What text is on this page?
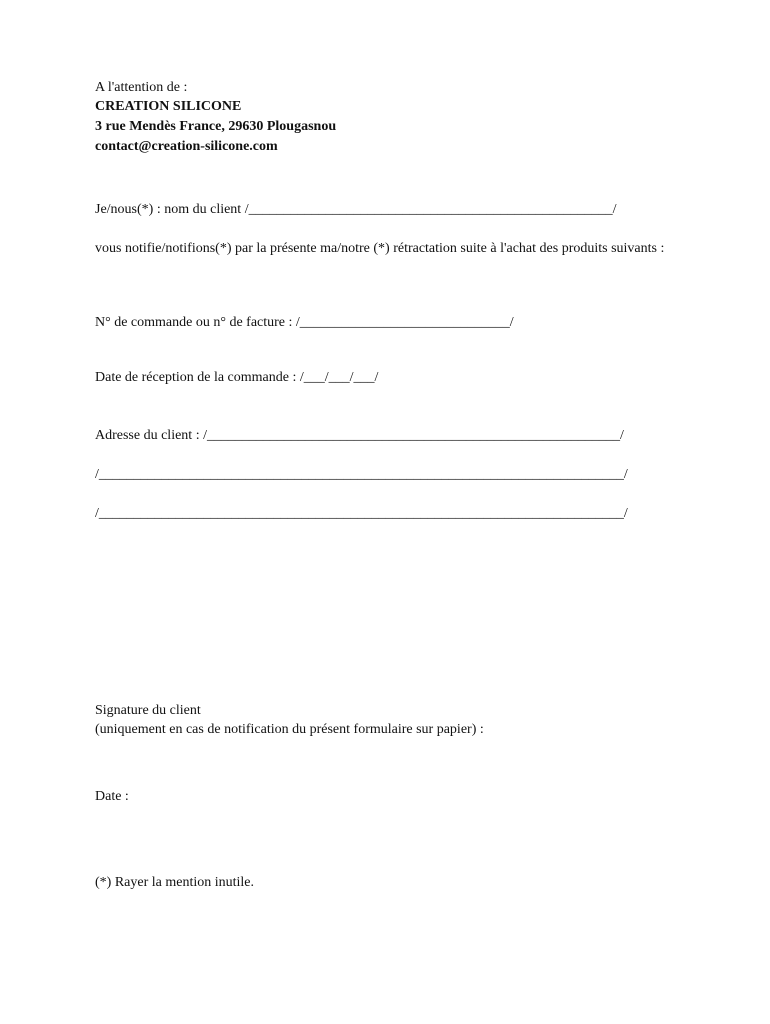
A l'attention de :
CREATION SILICONE
3 rue Mendès France, 29630 Plougasnou
contact@creation-silicone.com
Je/nous(*) : nom du client /____________________________________________________/
vous notifie/notifions(*) par la présente ma/notre (*) rétractation suite à l'achat des produits suivants :
N° de commande ou n° de facture : /______________________________/
Date de réception de la commande : /___/___/___/
Adresse du client : /___________________________________________________________/
/___________________________________________________________________________/
/___________________________________________________________________________/
Signature du client
(uniquement en cas de notification du présent formulaire sur papier) :
Date :
(*) Rayer la mention inutile.
